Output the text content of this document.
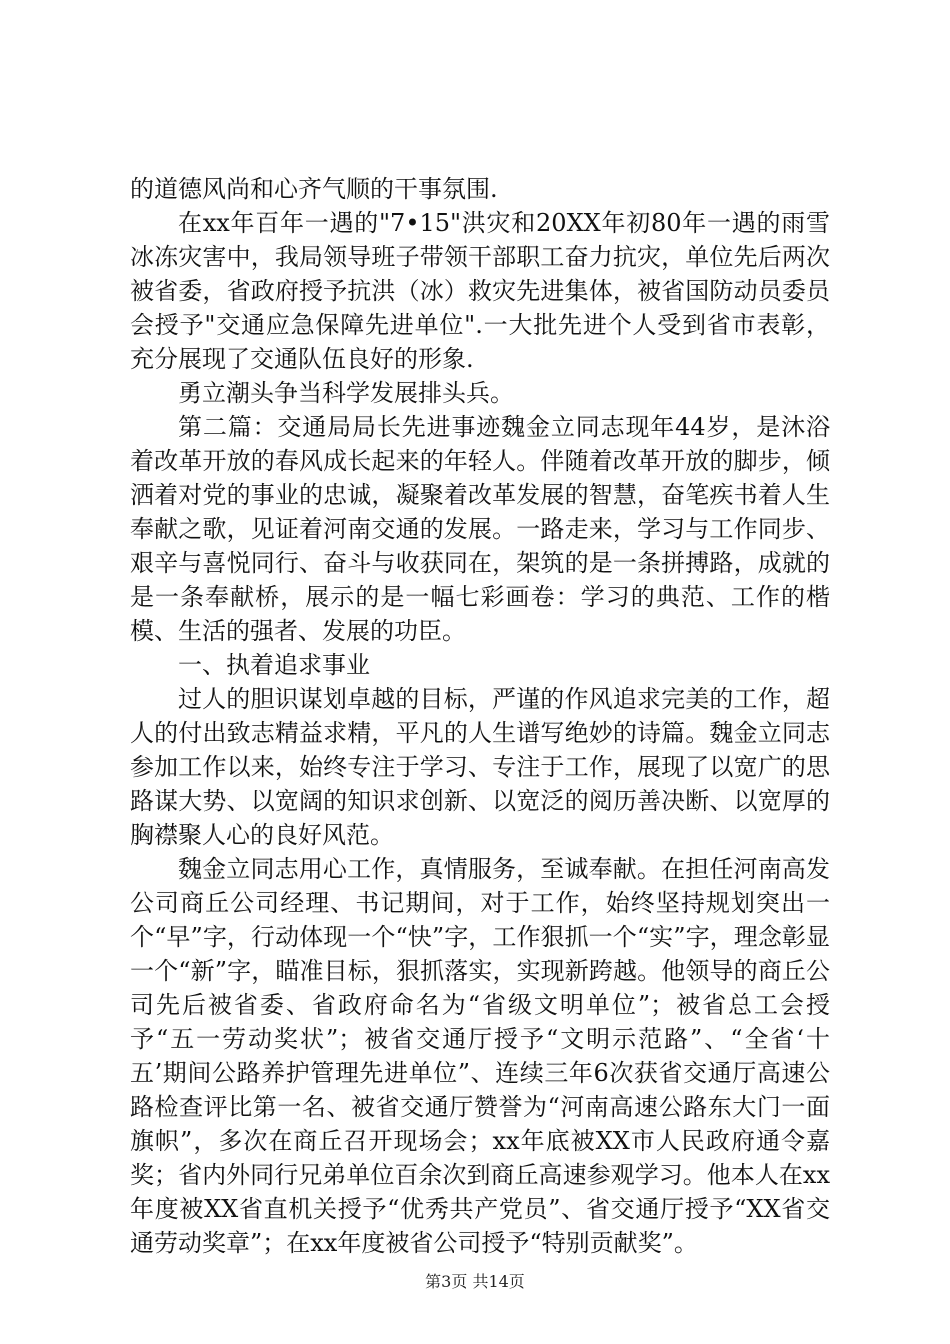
的道德风尚和心齐气顺的干事氛围.

在xx年百年一遇的"7•15"洪灾和20XX年初80年一遇的雨雪冰冻灾害中，我局领导班子带领干部职工奋力抗灾，单位先后两次被省委，省政府授予抗洪（冰）救灾先进集体，被省国防动员委员会授予"交通应急保障先进单位".一大批先进个人受到省市表彰，充分展现了交通队伍良好的形象.

勇立潮头争当科学发展排头兵。

第二篇：交通局局长先进事迹魏金立同志现年44岁，是沐浴着改革开放的春风成长起来的年轻人。伴随着改革开放的脚步，倾洒着对党的事业的忠诚，凝聚着改革发展的智慧，奋笔疾书着人生奉献之歌，见证着河南交通的发展。一路走来，学习与工作同步、艰辛与喜悦同行、奋斗与收获同在，架筑的是一条拼搏路，成就的是一条奉献桥，展示的是一幅七彩画卷：学习的典范、工作的楷模、生活的强者、发展的功臣。

一、执着追求事业

过人的胆识谋划卓越的目标，严谨的作风追求完美的工作，超人的付出致志精益求精，平凡的人生谱写绝妙的诗篇。魏金立同志参加工作以来，始终专注于学习、专注于工作，展现了以宽广的思路谋大势、以宽阔的知识求创新、以宽泛的阅历善决断、以宽厚的胸襟聚人心的良好风范。

魏金立同志用心工作，真情服务，至诚奉献。在担任河南高发公司商丘公司经理、书记期间，对于工作，始终坚持规划突出一个“早”字，行动体现一个“快”字，工作狠抓一个“实”字，理念彰显一个“新”字，瞄准目标，狠抓落实，实现新跨越。他领导的商丘公司先后被省委、省政府命名为“省级文明单位”；被省总工会授予“五一劳动奖状”；被省交通厅授予“文明示范路”、“全省‘十五’期间公路养护管理先进单位”、连续三年6次获省交通厅高速公路检查评比第一名、被省交通厅赞誉为“河南高速公路东大门一面旗帜”，多次在商丘召开现场会；xx年底被XX市人民政府通令嘉奖；省内外同行兄弟单位百余次到商丘高速参观学习。他本人在xx年度被XX省直机关授予“优秀共产党员”、省交通厅授予“XX省交通劳动奖章”；在xx年度被省公司授予“特别贡献奖”。

第3页 共14页
